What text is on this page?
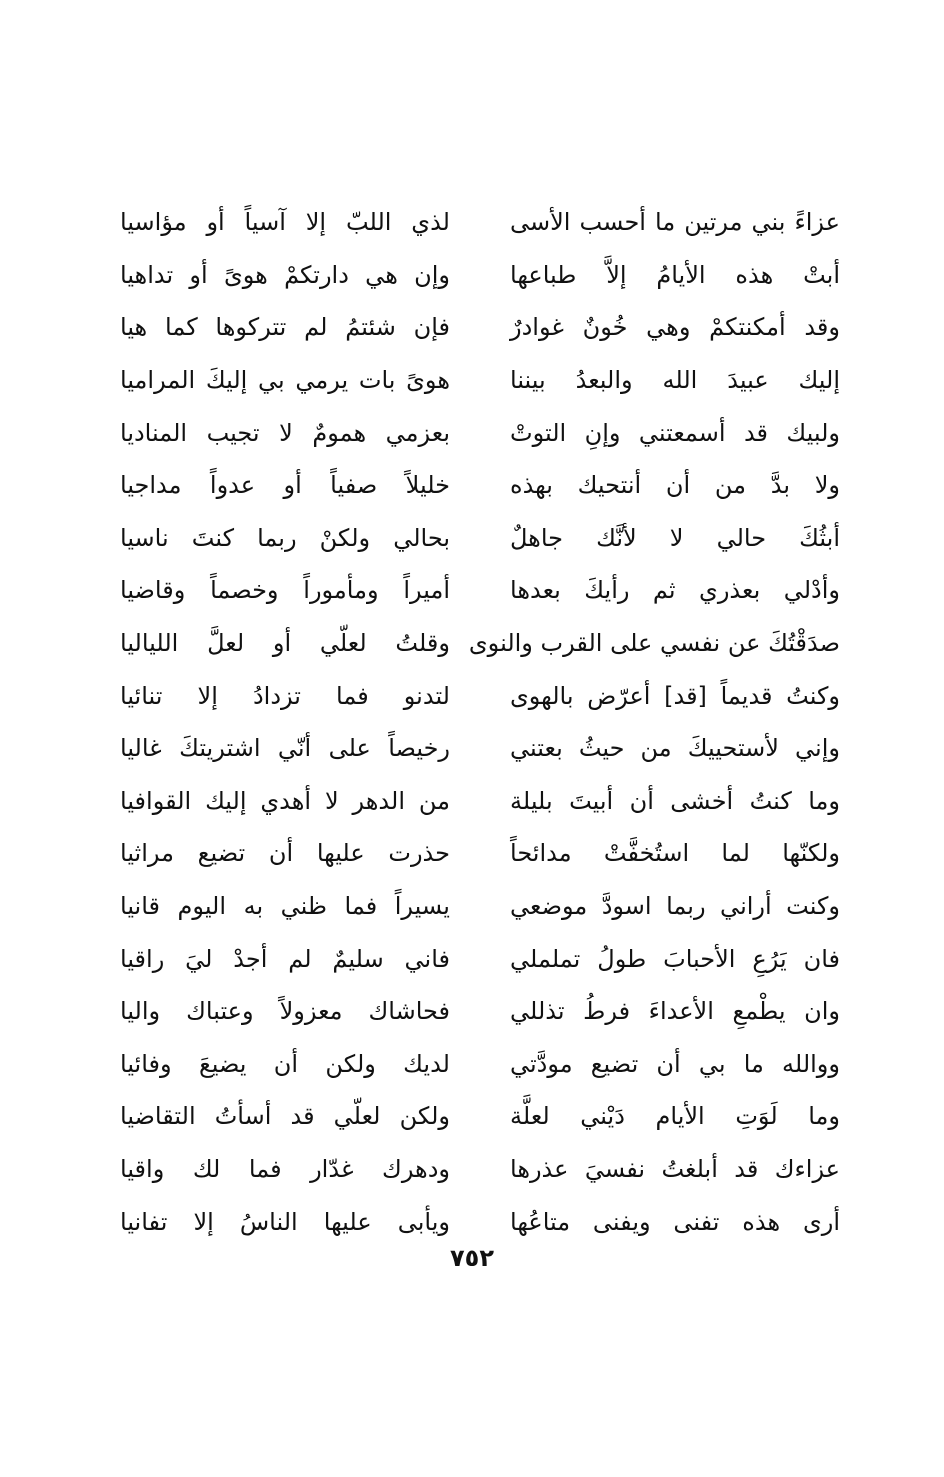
عزاءً بني مرتين ما أحسب الأسى
لذي اللبّ إلا آسياً أو مؤاسيا
أبتْ هذه الأيامُ إلاَّ طباعها
وإن هي دارتكمْ هوىً أو تداهيا
وقد أمكنتكمْ وهي خُونٌ غوادرٌ
فإن شئتمُ لم تتركوها كما هيا
إليك عبيدَ الله والبعدُ بيننا
هوىً بات يرمي بي إليكَ المراميا
ولبيك قد أسمعتني وإنِ التوتْ
بعزمي همومٌ لا تجيب المناديا
ولا بدَّ من أن أنتحيك بهذه
خليلاً صفياً أو عدواً مداجيا
أبثُكَ حالي لا لأنَّك جاهلٌ
بحالي ولكنْ ربما كنتَ ناسيا
وأدْلي بعذري ثم رأيكَ بعدها
أميراً ومأموراً وخصماً وقاضيا
صدَقْتُكَ عن نفسي على القرب والنوى
وقلتُ لعلّي أو لعلَّ اللياليا
وكنتُ قديماً [قد] أعرّض بالهوى
لتدنو فما تزدادُ إلا تنائيا
وإني لأستحييكَ من حيثُ بعتني
رخيصاً على أنّي اشتريتكَ غاليا
وما كنتُ أخشى أن أبيتَ بليلة
من الدهر لا أهدي إليك القوافيا
ولكنّها لما استُخفَّتْ مدائحاً
حذرت عليها أن تضيع مراثيا
وكنت أراني ربما اسودَّ موضعي
يسيراً فما ظني به اليوم قانيا
فان يَرُعِ الأحبابَ طولُ تململي
فاني سليمٌ لم أجدْ ليَ راقيا
وان يطْمعِ الأعداءَ فرطُ تذللي
فحاشاك معزولاً وعتباك واليا
ووالله ما بي أن تضيع مودَّتي
لديك ولكن أن يضيعَ وفائيا
وما لَوَتِ الأيام دَيْني لعلَّة
ولكن لعلّي قد أسأتُ التقاضيا
عزاءك قد أبلغتُ نفسيَ عذرها
ودهرك غدّار فما لك واقيا
أرى هذه تفنى ويفنى متاعُها
ويأبى عليها الناسُ إلا تفانيا
٧٥٢
